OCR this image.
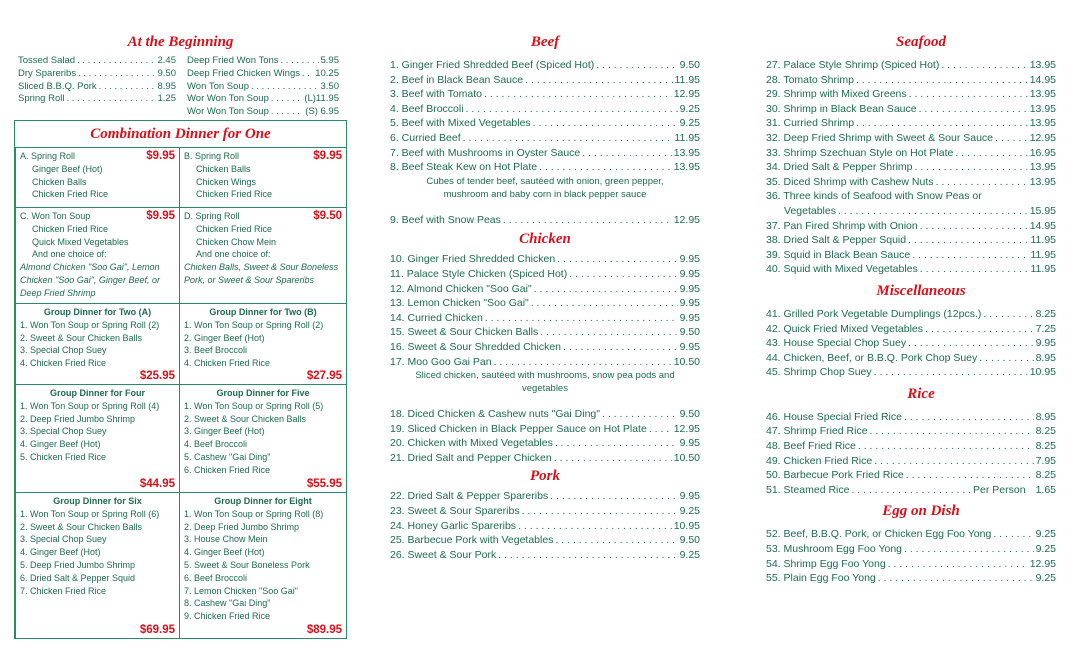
At the Beginning
Tossed Salad . . .	2.45
Dry Spareribs . . .	9.50
Sliced B.B.Q. Pork . . .	8.95
Spring Roll . . .	1.25
Deep Fried Won Tons . . .	5.95
Deep Fried Chicken Wings . . . 10.25
Won Ton Soup . . .	3.50
Wor Won Ton Soup . . .	(L)11.95
Wor Won Ton Soup . . .	(S) 6.95
Combination Dinner for One
A. Spring Roll	$9.95
Ginger Beef (Hot)
Chicken Balls
Chicken Fried Rice
B. Spring Roll	$9.95
Chicken Balls
Chicken Wings
Chicken Fried Rice
C. Won Ton Soup	$9.95
Chicken Fried Rice
Quick Mixed Vegetables
And one choice of:
Almond Chicken "Soo Gai", Lemon Chicken "Soo Gai", Ginger Beef, or Deep Fried Shrimp
D. Spring Roll	$9.50
Chicken Fried Rice
Chicken Chow Mein
And one choice of:
Chicken Balls, Sweet & Sour Boneless Pork, or Sweet & Sour Spareribs
Group Dinner for Two (A)
1. Won Ton Soup or Spring Roll (2)
2. Sweet & Sour Chicken Balls
3. Special Chop Suey
4. Chicken Fried Rice
$25.95
Group Dinner for Two (B)
1. Won Ton Soup or Spring Roll (2)
2. Ginger Beef (Hot)
3. Beef Broccoli
4. Chicken Fried Rice
$27.95
Group Dinner for Four
1. Won Ton Soup or Spring Roll (4)
2. Deep Fried Jumbo Shrimp
3. Special Chop Suey
4. Ginger Beef (Hot)
5. Chicken Fried Rice
$44.95
Group Dinner for Five
1. Won Ton Soup or Spring Roll (5)
2. Sweet & Sour Chicken Balls
3. Ginger Beef (Hot)
4. Beef Broccoli
5. Cashew "Gai Ding"
6. Chicken Fried Rice
$55.95
Group Dinner for Six
1. Won Ton Soup or Spring Roll (6)
2. Sweet & Sour Chicken Balls
3. Special Chop Suey
4. Ginger Beef (Hot)
5. Deep Fried Jumbo Shrimp
6. Dried Salt & Pepper Squid
7. Chicken Fried Rice
$69.95
Group Dinner for Eight
1. Won Ton Soup or Spring Roll (8)
2. Deep Fried Jumbo Shrimp
3. House Chow Mein
4. Ginger Beef (Hot)
5. Sweet & Sour Boneless Pork
6. Beef Broccoli
7. Lemon Chicken "Soo Gai"
8. Cashew "Gai Ding"
9. Chicken Fried Rice
$89.95
Beef
1. Ginger Fried Shredded Beef (Spiced Hot) . . .	9.50
2. Beef in Black Bean Sauce . . .	11.95
3. Beef with Tomato . . .	12.95
4. Beef Broccoli . . .	9.25
5. Beef with Mixed Vegetables . . .	9.25
6. Curried Beef . . .	11.95
7. Beef with Mushrooms in Oyster Sauce . . .	13.95
8. Beef Steak Kew on Hot Plate . . .	13.95
Cubes of tender beef, sautéed with onion, green pepper, mushroom and baby corn in black pepper sauce
9. Beef with Snow Peas . . .	12.95
Chicken
10. Ginger Fried Shredded Chicken . . .	9.95
11. Palace Style Chicken (Spiced Hot) . . .	9.95
12. Almond Chicken "Soo Gai" . . .	9.95
13. Lemon Chicken "Soo Gai" . . .	9.95
14. Curried Chicken . . .	9.95
15. Sweet & Sour Chicken Balls . . .	9.50
16. Sweet & Sour Shredded Chicken . . .	9.95
17. Moo Goo Gai Pan . . .	10.50
Sliced chicken, sautéed with mushrooms, snow pea pods and vegetables
18. Diced Chicken & Cashew nuts "Gai Ding" . . .	9.50
19. Sliced Chicken in Black Pepper Sauce on Hot Plate . . .	12.95
20. Chicken with Mixed Vegetables . . .	9.95
21. Dried Salt and Pepper Chicken . . .	10.50
Pork
22. Dried Salt & Pepper Spareribs . . .	9.95
23. Sweet & Sour Spareribs . . .	9.25
24. Honey Garlic Spareribs . . .	10.95
25. Barbecue Pork with Vegetables . . .	9.50
26. Sweet & Sour Pork . . .	9.25
Seafood
27. Palace Style Shrimp (Spiced Hot) . . .	13.95
28. Tomato Shrimp . . .	14.95
29. Shrimp with Mixed Greens . . .	13.95
30. Shrimp in Black Bean Sauce . . .	13.95
31. Curried Shrimp . . .	13.95
32. Deep Fried Shrimp with Sweet & Sour Sauce . . .	12.95
33. Shrimp Szechuan Style on Hot Plate . . .	16.95
34. Dried Salt & Pepper Shrimp . . .	13.95
35. Diced Shrimp with Cashew Nuts . . .	13.95
36. Three kinds of Seafood with Snow Peas or
Vegetables . . .	15.95
37. Pan Fired Shrimp with Onion . . .	14.95
38. Dried Salt & Pepper Squid . . .	11.95
39. Squid in Black Bean Sauce . . .	11.95
40. Squid with Mixed Vegetables . . .	11.95
Miscellaneous
41. Grilled Pork Vegetable Dumplings (12pcs.) . . .	8.25
42. Quick Fried Mixed Vegetables . . .	7.25
43. House Special Chop Suey . . .	9.95
44. Chicken, Beef, or B.B.Q. Pork Chop Suey . . .	8.95
45. Shrimp Chop Suey . . .	10.95
Rice
46. House Special Fried Rice . . .	8.95
47. Shrimp Fried Rice . . .	8.25
48. Beef Fried Rice . . .	8.25
49. Chicken Fried Rice . . .	7.95
50. Barbecue Pork Fried Rice . . .	8.25
51. Steamed Rice . . .	Per Person 1.65
Egg on Dish
52. Beef, B.B.Q. Pork, or Chicken Egg Foo Yong . . .	9.25
53. Mushroom Egg Foo Yong . . .	9.25
54. Shrimp Egg Foo Yong . . .	12.95
55. Plain Egg Foo Yong . . .	9.25
